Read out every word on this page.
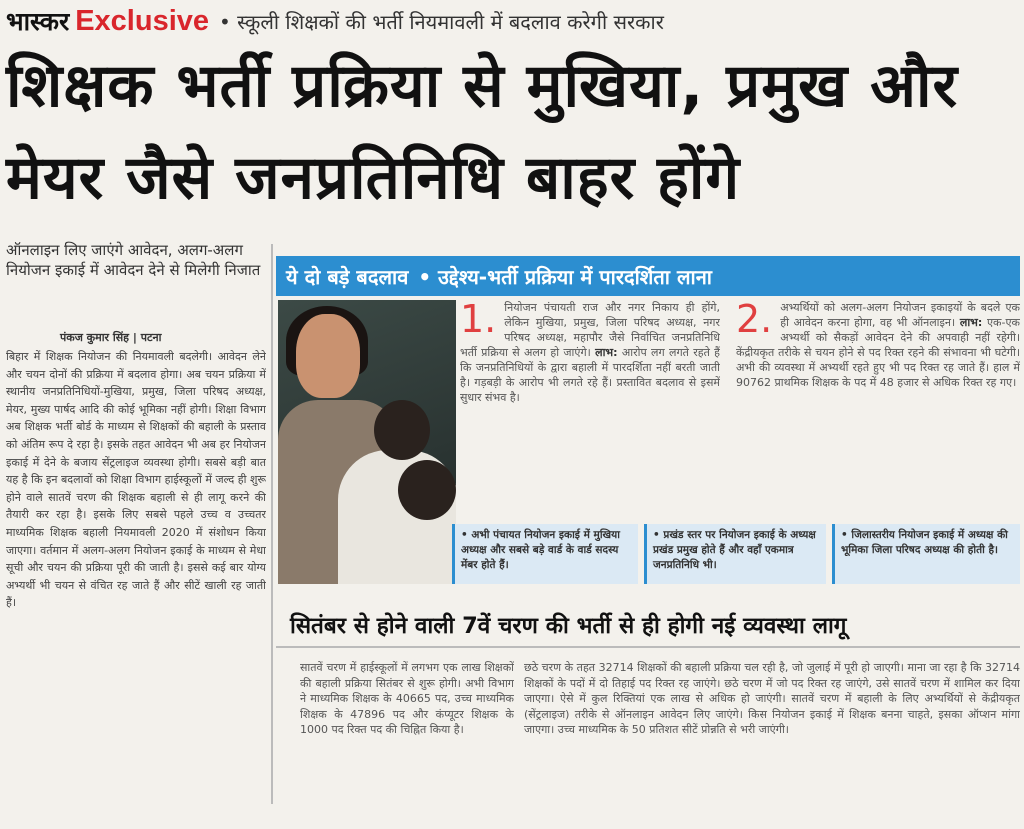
भास्कर Exclusive • स्कूली शिक्षकों की भर्ती नियमावली में बदलाव करेगी सरकार
शिक्षक भर्ती प्रक्रिया से मुखिया, प्रमुख और मेयर जैसे जनप्रतिनिधि बाहर होंगे
ऑनलाइन लिए जाएंगे आवेदन, अलग-अलग नियोजन इकाई में आवेदन देने से मिलेगी निजात
पंकज कुमार सिंह | पटना
बिहार में शिक्षक नियोजन की नियमावली बदलेगी। आवेदन लेने और चयन दोनों की प्रक्रिया में बदलाव होगा। अब चयन प्रक्रिया में स्थानीय जनप्रतिनिधियों-मुखिया, प्रमुख, जिला परिषद अध्यक्ष, मेयर, मुख्य पार्षद आदि की कोई भूमिका नहीं होगी। शिक्षा विभाग अब शिक्षक भर्ती बोर्ड के माध्यम से शिक्षकों की बहाली के प्रस्ताव को अंतिम रूप दे रहा है। इसके तहत आवेदन भी अब हर नियोजन इकाई में देने के बजाय सेंट्रलाइज व्यवस्था होगी। सबसे बड़ी बात यह है कि इन बदलावों को शिक्षा विभाग हाईस्कूलों में जल्द ही शुरू होने वाले सातवें चरण की शिक्षक बहाली से ही लागू करने की तैयारी कर रहा है। इसके लिए सबसे पहले उच्च व उच्चतर माध्यमिक शिक्षक बहाली नियमावली 2020 में संशोधन किया जाएगा। वर्तमान में अलग-अलग नियोजन इकाई के माध्यम से मेधा सूची और चयन की प्रक्रिया पूरी की जाती है। इससे कई बार योग्य अभ्यर्थी भी चयन से वंचित रह जाते हैं और सीटें खाली रह जाती हैं।
ये दो बड़े बदलाव • उद्देश्य-भर्ती प्रक्रिया में पारदर्शिता लाना
1. नियोजन पंचायती राज और नगर निकाय ही होंगे, लेकिन मुखिया, प्रमुख, जिला परिषद अध्यक्ष, नगर परिषद अध्यक्ष, महापौर जैसे निर्वाचित जनप्रतिनिधि भर्ती प्रक्रिया से अलग हो जाएंगे। लाभ: आरोप लग लगते रहते हैं कि जनप्रतिनिधियों के द्वारा बहाली में पारदर्शिता नहीं बरती जाती है। गड़बड़ी के आरोप भी लगते रहे हैं। प्रस्तावित बदलाव से इसमें सुधार संभव है।
2. अभ्यर्थियों को अलग-अलग नियोजन इकाइयों के बदले एक ही आवेदन करना होगा, वह भी ऑनलाइन। लाभ: एक-एक अभ्यर्थी को सैकड़ों आवेदन देने की अपवाही नहीं रहेगी। केंद्रीयकृत तरीके से चयन होने से पद रिक्त रहने की संभावना भी घटेगी। अभी की व्यवस्था में अभ्यर्थी रहते हुए भी पद रिक्त रह जाते हैं। हाल में 90762 प्राथमिक शिक्षक के पद में 48 हजार से अधिक रिक्त रह गए।
• अभी पंचायत नियोजन इकाई में मुखिया अध्यक्ष और सबसे बड़े वार्ड के वार्ड सदस्य मेंबर होते हैं।
• प्रखंड स्तर पर नियोजन इकाई के अध्यक्ष प्रखंड प्रमुख होते हैं और वहाँ एकमात्र जनप्रतिनिधि भी।
• जिलास्तरीय नियोजन इकाई में अध्यक्ष की भूमिका जिला परिषद अध्यक्ष की होती है।
सितंबर से होने वाली 7वें चरण की भर्ती से ही होगी नई व्यवस्था लागू
सातवें चरण में हाईस्कूलों में लगभग एक लाख शिक्षकों की बहाली प्रक्रिया सितंबर से शुरू होगी। अभी विभाग ने माध्यमिक शिक्षक के 40665 पद, उच्च माध्यमिक शिक्षक के 47896 पद और कंप्यूटर शिक्षक के 1000 पद रिक्त पद की चिह्नित किया है।
छठे चरण के तहत 32714 शिक्षकों की बहाली प्रक्रिया चल रही है, जो जुलाई में पूरी हो जाएगी। माना जा रहा है कि 32714 शिक्षकों के पदों में दो तिहाई पद रिक्त रह जाएंगे। छठे चरण में जो पद रिक्त रह जाएंगे, उसे सातवें चरण में शामिल कर दिया जाएगा। ऐसे में कुल रिक्तियां एक लाख से अधिक हो जाएंगी। सातवें चरण में बहाली के लिए अभ्यर्थियों से केंद्रीयकृत (सेंट्रलाइज) तरीके से ऑनलाइन आवेदन लिए जाएंगे। किस नियोजन इकाई में शिक्षक बनना चाहते, इसका ऑप्शन मांगा जाएगा। उच्च माध्यमिक के 50 प्रतिशत सीटें प्रोन्नति से भरी जाएंगी।
